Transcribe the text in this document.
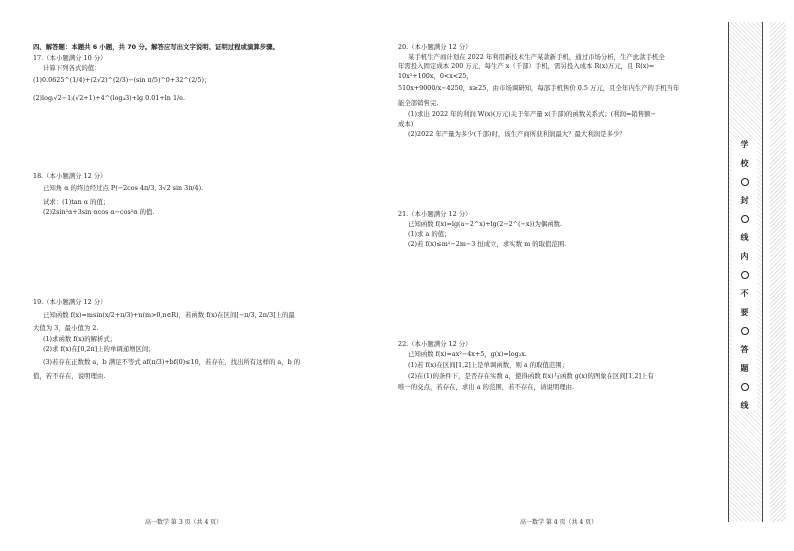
四、解答题：本题共 6 小题，共 70 分。解答应写出文字说明、证明过程或演算步骤。
17.（本小题满分 10 分）
计算下列各式的值：
(1)0.0625^(1/4)+(2√2)^(2/3)−(sin π/5)^0+32^(2/5)；
(2)log₍√2−1₎(√2+1)+4^(log₄3)+lg 0.01+ln 1/e.
18.（本小题满分 12 分）
已知角 α 的终边经过点 P(−2cos 4π/3, 3√2 sin 3π/4).
试求：(1)tan α 的值；
(2)2sin²α+3sin αcos α−cos²α 的值.
19.（本小题满分 12 分）
已知函数 f(x)=msin(x/2+π/3)+n(m>0,n∈R)，若函数 f(x)在区间[−π/3, 2π/3]上的最
大值为 3，最小值为 2.
(1)求函数 f(x)的解析式；
(2)求 f(x)在[0,2π]上的单调递增区间；
(3)若存在正数数 a，b 满足不等式 af(π/3)+bf(0)≤10，若存在，找出所有这样的 a，b 的
值，若不存在，说明理由.
高一数学 第 3 页（共 4 页）
20.（本小题满分 12 分）
某手机生产商计划在 2022 年利用新技术生产某款新手机，通过市场分析，生产此款手机全
年需投入固定成本 200 万元，每生产 x（千部）手机，需另投入成本 R(x)万元，且 R(x)=
10x²+100x，0<x<25，
510x+9000/x−4250，x≥25，由市场调研知，每部手机售价 0.5 万元，且全年内生产的手机当年
能全部销售完.
(1)求出 2022 年的利润 W(x)(万元)关于年产量 x(千部)的函数关系式；(利润=销售额−
成本)
(2)2022 年产量为多少(千部)时，该生产商所获利润最大？最大利润是多少？
21.（本小题满分 12 分）
已知函数 f(x)=lg(a−2^x)+lg(2−2^(−x))为偶函数.
(1)求 a 的值；
(2)若 f(x)≤m²−2m−3 恒成立，求实数 m 的取值范围.
22.（本小题满分 12 分）
已知函数 f(x)=ax²−4x+5，g(x)=log₂x.
(1)若 f(x)在区间[1,2]上是单调函数，则 a 的取值范围；
(2)在(1)的条件下，是否存在实数 a，使得函数 f(x)与函数 g(x)的图象在区间[1,2]上有
唯一的交点，若存在，求出 a 的范围，若不存在，请说明理由.
高一数学 第 4 页（共 4 页）
学
校
封
线
内
不
要
答
题
线
